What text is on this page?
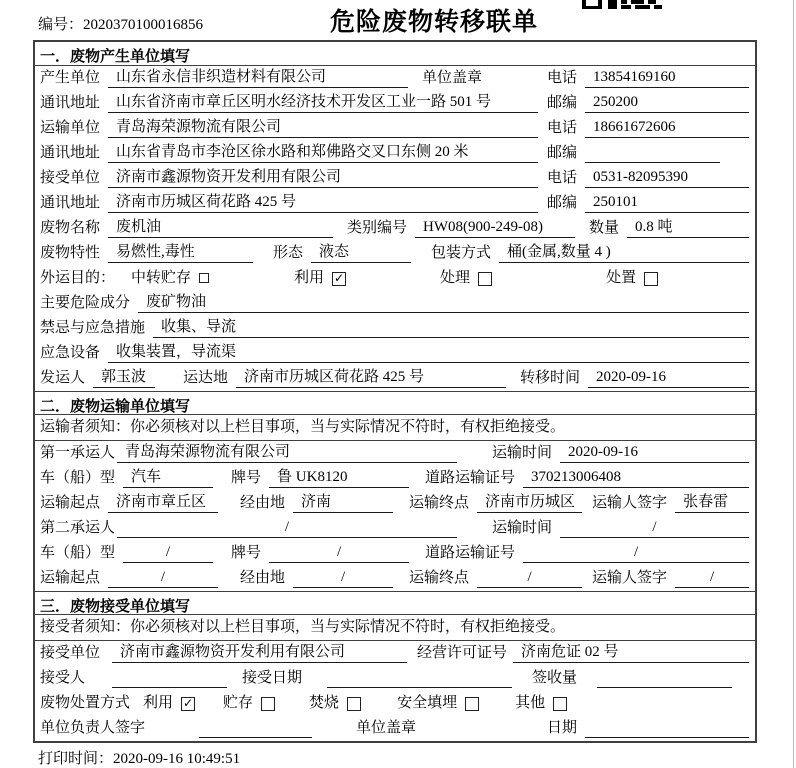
编号：2020370100016856	危险废物转移联单
一．废物产生单位填写
产生单位	山东省永信非织造材料有限公司	单位盖章	电话	13854169160
通讯地址	山东省济南市章丘区明水经济技术开发区工业一路 501 号	邮编	250200
运输单位	青岛海荣源物流有限公司	电话	18661672606
通讯地址	山东省青岛市李沧区徐水路和郑佛路交叉口东侧 20 米	邮编
接受单位	济南市鑫源物资开发利用有限公司	电话	0531-82095390
通讯地址	济南市历城区荷花路 425 号	邮编	250101
废物名称	废机油	类别编号	HW08(900-249-08)	数量	0.8 吨
废物特性	易燃性,毒性	形态	液态	包装方式	桶(金属,数量 4 )
外运目的： 中转贮存	利用 ✓	处理	处置
主要危险成分	废矿物油
禁忌与应急措施	收集、导流
应急设备	收集装置，导流渠
发运人	郭玉波	运达地	济南市历城区荷花路 425 号	转移时间	2020-09-16
二．废物运输单位填写
运输者须知：你必须核对以上栏目事项，当与实际情况不符时，有权拒绝接受。
第一承运人 青岛海荣源物流有限公司	运输时间	2020-09-16
车（船）型	汽车	牌号	鲁 UK8120	道路运输证号	370213006408
运输起点	济南市章丘区	经由地	济南	运输终点	济南市历城区	运输人签字	张春雷
第二承运人	/	运输时间	/
车（船）型	/	牌号	/	道路运输证号	/
运输起点	/	经由地	/	运输终点	/	运输人签字	/
三．废物接受单位填写
接受者须知：你必须核对以上栏目事项，当与实际情况不符时，有权拒绝接受。
接受单位	济南市鑫源物资开发利用有限公司	经营许可证号 济南危证 02 号
接受人	接受日期	签收量
废物处置方式 利用 ✓ 贮存	焚烧	安全填埋	其他
单位负责人签字	单位盖章	日期
打印时间：2020-09-16 10:49:51
